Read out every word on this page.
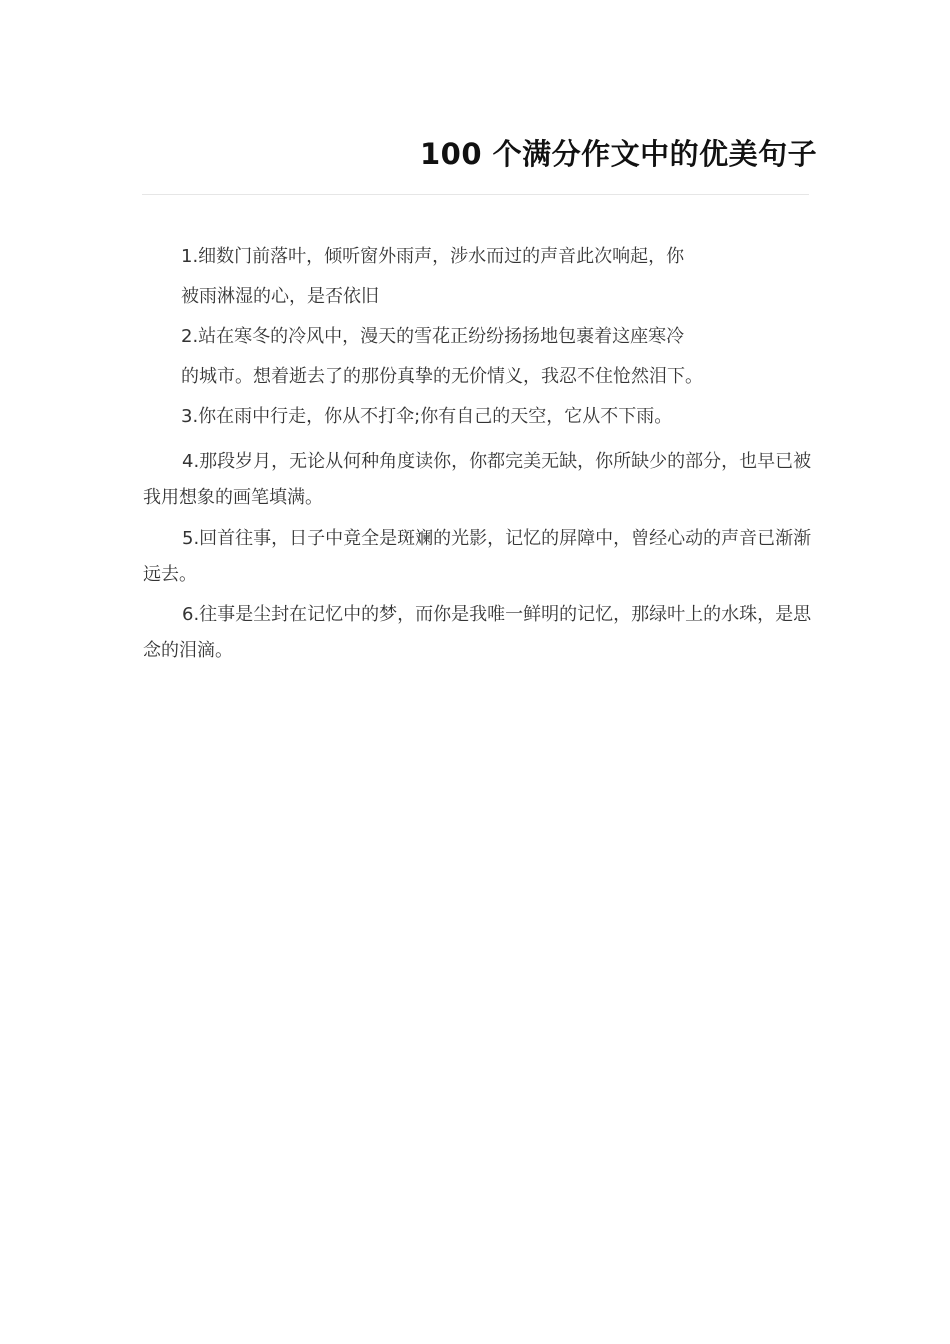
100 个满分作文中的优美句子
1.细数门前落叶，倾听窗外雨声，涉水而过的声音此次响起，你
被雨淋湿的心，是否依旧
2.站在寒冬的冷风中，漫天的雪花正纷纷扬扬地包裹着这座寒冷
的城市。想着逝去了的那份真挚的无价情义，我忍不住怆然泪下。
3.你在雨中行走，你从不打伞;你有自己的天空，它从不下雨。

4.那段岁月，无论从何种角度读你，你都完美无缺，你所缺少的部分，也早已被我用想象的画笔填满。

5.回首往事，日子中竟全是斑斓的光影，记忆的屏障中，曾经心动的声音已渐渐远去。

6.往事是尘封在记忆中的梦，而你是我唯一鲜明的记忆，那绿叶上的水珠，是思念的泪滴。
